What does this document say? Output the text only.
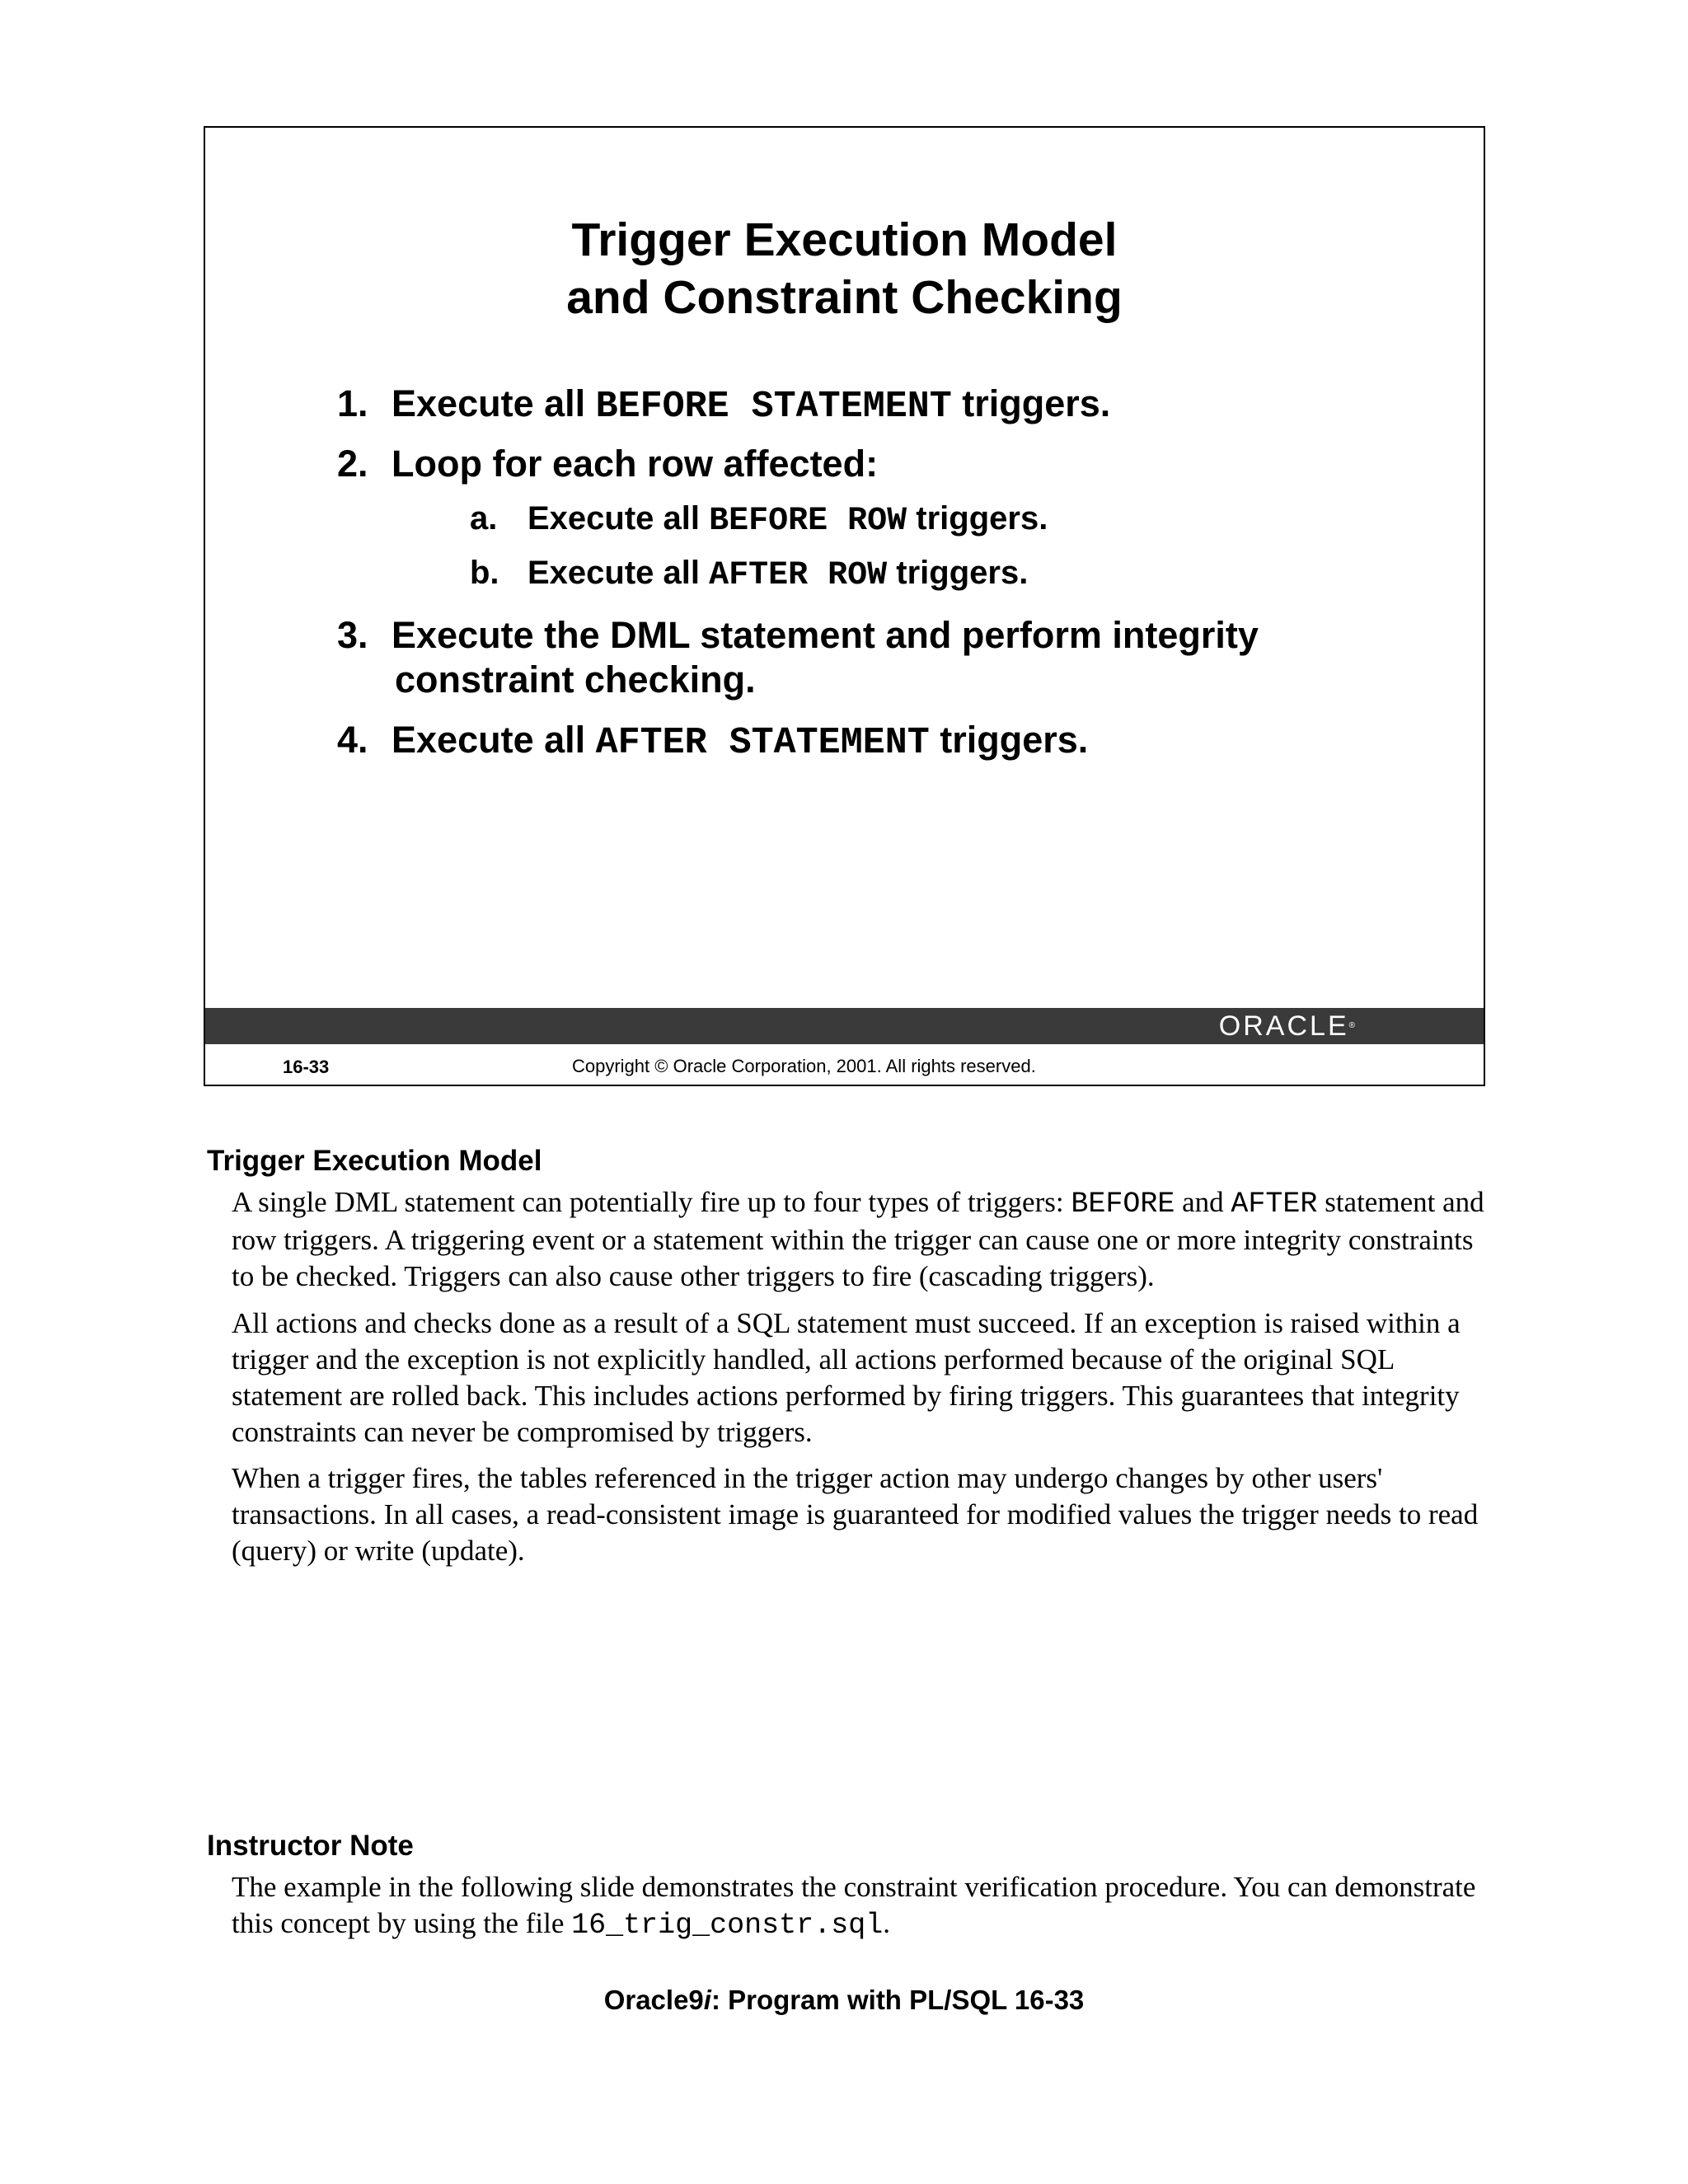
Trigger Execution Model
and Constraint Checking
1. Execute all BEFORE STATEMENT triggers.
2. Loop for each row affected:
a. Execute all BEFORE ROW triggers.
b. Execute all AFTER ROW triggers.
3. Execute the DML statement and perform integrity
constraint checking.
4. Execute all AFTER STATEMENT triggers.
ORACLE®
16-33	Copyright © Oracle Corporation, 2001. All rights reserved.
Trigger Execution Model
A single DML statement can potentially fire up to four types of triggers: BEFORE and AFTER statement and row triggers. A triggering event or a statement within the trigger can cause one or more integrity constraints to be checked. Triggers can also cause other triggers to fire (cascading triggers).
All actions and checks done as a result of a SQL statement must succeed. If an exception is raised within a trigger and the exception is not explicitly handled, all actions performed because of the original SQL statement are rolled back. This includes actions performed by firing triggers. This guarantees that integrity constraints can never be compromised by triggers.
When a trigger fires, the tables referenced in the trigger action may undergo changes by other users' transactions. In all cases, a read-consistent image is guaranteed for modified values the trigger needs to read (query) or write (update).
Instructor Note
The example in the following slide demonstrates the constraint verification procedure. You can demonstrate this concept by using the file 16_trig_constr.sql.
Oracle9i: Program with PL/SQL 16-33
